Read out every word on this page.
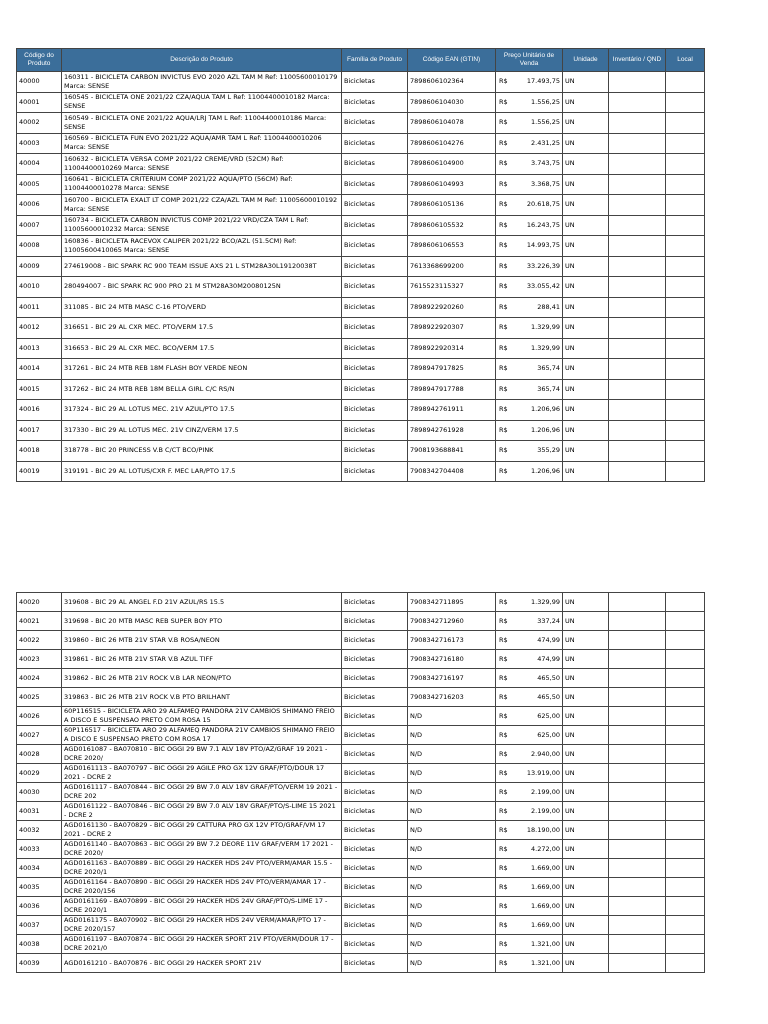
Código do Produto	Descrição do Produto	Família de Produto	Código EAN (GTIN)	Preço Unitário de Venda	Unidade	Inventário / QND	Local
40000	160311 - BICICLETA CARBON INVICTUS EVO 2020 AZL TAM M Ref: 11005600010179 Marca: SENSE	Bicicletas	7898606102364	R$ 17.493,75	UN		
40001	160545 - BICICLETA ONE 2021/22 CZA/AQUA TAM L Ref: 11004400010182 Marca: SENSE	Bicicletas	7898606104030	R$ 1.556,25	UN		
40002	160549 - BICICLETA ONE 2021/22 AQUA/LRJ TAM L Ref: 11004400010186 Marca: SENSE	Bicicletas	7898606104078	R$ 1.556,25	UN		
40003	160569 - BICICLETA FUN EVO 2021/22 AQUA/AMR TAM L Ref: 11004400010206 Marca: SENSE	Bicicletas	7898606104276	R$ 2.431,25	UN		
40004	160632 - BICICLETA VERSA COMP 2021/22 CREME/VRD (52CM) Ref: 11004400010269 Marca: SENSE	Bicicletas	7898606104900	R$ 3.743,75	UN		
40005	160641 - BICICLETA CRITERIUM COMP 2021/22 AQUA/PTO (56CM) Ref: 11004400010278 Marca: SENSE	Bicicletas	7898606104993	R$ 3.368,75	UN		
40006	160700 - BICICLETA EXALT LT COMP 2021/22 CZA/AZL TAM M Ref: 11005600010192 Marca: SENSE	Bicicletas	7898606105136	R$ 20.618,75	UN		
40007	160734 - BICICLETA CARBON INVICTUS COMP 2021/22 VRD/CZA TAM L Ref: 11005600010232 Marca: SENSE	Bicicletas	7898606105532	R$ 16.243,75	UN		
40008	160836 - BICICLETA RACEVOX CALIPER 2021/22 BCO/AZL (51.5CM) Ref: 11005600410065 Marca: SENSE	Bicicletas	7898606106553	R$ 14.993,75	UN		
40009	274619008 - BIC SPARK RC 900 TEAM ISSUE AXS 21 L STM28A30L19120038T	Bicicletas	7613368699200	R$ 33.226,39	UN		
40010	280494007 - BIC SPARK RC 900 PRO 21 M STM28A30M20080125N	Bicicletas	7615523115327	R$ 33.055,42	UN		
40011	311085 - BIC 24 MTB MASC C-16 PTO/VERD	Bicicletas	7898922920260	R$ 288,41	UN		
40012	316651 - BIC 29 AL CXR MEC. PTO/VERM 17.5	Bicicletas	7898922920307	R$ 1.329,99	UN		
40013	316653 - BIC 29 AL CXR MEC. BCO/VERM 17.5	Bicicletas	7898922920314	R$ 1.329,99	UN		
40014	317261 - BIC 24 MTB REB 18M FLASH BOY VERDE NEON	Bicicletas	7898947917825	R$ 365,74	UN		
40015	317262 - BIC 24 MTB REB 18M BELLA GIRL C/C RS/N	Bicicletas	7898947917788	R$ 365,74	UN		
40016	317324 - BIC 29 AL LOTUS MEC. 21V AZUL/PTO 17.5	Bicicletas	7898942761911	R$ 1.206,96	UN		
40017	317330 - BIC 29 AL LOTUS MEC. 21V CINZ/VERM 17.5	Bicicletas	7898942761928	R$ 1.206,96	UN		
40018	318778 - BIC 20 PRINCESS V.B C/CT BCO/PINK	Bicicletas	7908193688841	R$ 355,29	UN		
40019	319191 - BIC 29 AL LOTUS/CXR F. MEC LAR/PTO 17.5	Bicicletas	7908342704408	R$ 1.206,96	UN		
40020	319608 - BIC 29 AL ANGEL F.D 21V AZUL/RS 15.5	Bicicletas	7908342711895	R$ 1.329,99	UN		
40021	319698 - BIC 20 MTB MASC REB SUPER BOY PTO	Bicicletas	7908342712960	R$ 337,24	UN		
40022	319860 - BIC 26 MTB 21V STAR V.B ROSA/NEON	Bicicletas	7908342716173	R$ 474,99	UN		
40023	319861 - BIC 26 MTB 21V STAR V.B AZUL TIFF	Bicicletas	7908342716180	R$ 474,99	UN		
40024	319862 - BIC 26 MTB 21V ROCK V.B LAR NEON/PTO	Bicicletas	7908342716197	R$ 465,50	UN		
40025	319863 - BIC 26 MTB 21V ROCK V.B PTO BRILHANT	Bicicletas	7908342716203	R$ 465,50	UN		
40026	60P116515 - BICICLETA ARO 29 ALFAMEQ PANDORA 21V CAMBIOS SHIMANO FREIO A DISCO E SUSPENSAO PRETO COM ROSA 15	Bicicletas	N/D	R$ 625,00	UN		
40027	60P116517 - BICICLETA ARO 29 ALFAMEQ PANDORA 21V CAMBIOS SHIMANO FREIO A DISCO E SUSPENSAO PRETO COM ROSA 17	Bicicletas	N/D	R$ 625,00	UN		
40028	AGD0161087 - BA070810 - BIC OGGI 29 BW 7.1 ALV 18V PTO/AZ/GRAF 19 2021 - DCRE 2020/	Bicicletas	N/D	R$ 2.940,00	UN		
40029	AGD0161113 - BA070797 - BIC OGGI 29 AGILE PRO GX 12V GRAF/PTO/DOUR 17 2021 - DCRE 2	Bicicletas	N/D	R$ 13.919,00	UN		
40030	AGD0161117 - BA070844 - BIC OGGI 29 BW 7.0 ALV 18V GRAF/PTO/VERM 19 2021 - DCRE 202	Bicicletas	N/D	R$ 2.199,00	UN		
40031	AGD0161122 - BA070846 - BIC OGGI 29 BW 7.0 ALV 18V GRAF/PTO/S-LIME 15 2021 - DCRE 2	Bicicletas	N/D	R$ 2.199,00	UN		
40032	AGD0161130 - BA070829 - BIC OGGI 29 CATTURA PRO GX 12V PTO/GRAF/VM 17 2021 - DCRE 2	Bicicletas	N/D	R$ 18.190,00	UN		
40033	AGD0161140 - BA070863 - BIC OGGI 29 BW 7.2 DEORE 11V GRAF/VERM 17 2021 - DCRE 2020/	Bicicletas	N/D	R$ 4.272,00	UN		
40034	AGD0161163 - BA070889 - BIC OGGI 29 HACKER HDS 24V PTO/VERM/AMAR 15.5 - DCRE 2020/1	Bicicletas	N/D	R$ 1.669,00	UN		
40035	AGD0161164 - BA070890 - BIC OGGI 29 HACKER HDS 24V PTO/VERM/AMAR 17 - DCRE 2020/156	Bicicletas	N/D	R$ 1.669,00	UN		
40036	AGD0161169 - BA070899 - BIC OGGI 29 HACKER HDS 24V GRAF/PTO/S-LIME 17 - DCRE 2020/1	Bicicletas	N/D	R$ 1.669,00	UN		
40037	AGD0161175 - BA070902 - BIC OGGI 29 HACKER HDS 24V VERM/AMAR/PTO 17 - DCRE 2020/157	Bicicletas	N/D	R$ 1.669,00	UN		
40038	AGD0161197 - BA070874 - BIC OGGI 29 HACKER SPORT 21V PTO/VERM/DOUR 17 - DCRE 2021/0	Bicicletas	N/D	R$ 1.321,00	UN		
40039	AGD0161210 - BA070876 - BIC OGGI 29 HACKER SPORT 21V	Bicicletas	N/D	R$ 1.321,00	UN		
